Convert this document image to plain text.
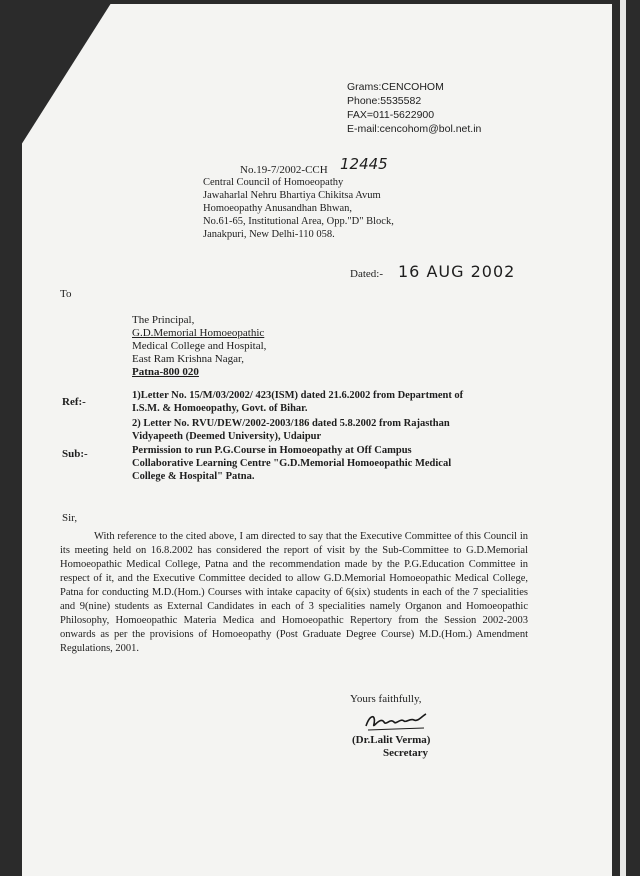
Grams:CENCOHOM
Phone:5535582
FAX=011-5622900
E-mail:cencohom@bol.net.in
No.19-7/2002-CCH 12445
Central Council of Homoeopathy
Jawaharlal Nehru Bhartiya Chikitsa Avum
Homoeopathy Anusandhan Bhwan,
No.61-65, Institutional Area, Opp."D" Block,
Janakpuri, New Delhi-110 058.
Dated:- 16 AUG 2002
To
The Principal,
G.D.Memorial Homoeopathic
Medical College and Hospital,
East Ram Krishna Nagar,
Patna-800 020
Ref:-
1)Letter No. 15/M/03/2002/ 423(ISM) dated 21.6.2002 from Department of
I.S.M. & Homoeopathy, Govt. of Bihar.
2) Letter No. RVU/DEW/2002-2003/186 dated 5.8.2002 from Rajasthan
Vidyapeeth (Deemed University), Udaipur
Sub:-	Permission to run P.G.Course in Homoeopathy at Off Campus
Collaborative Learning Centre "G.D.Memorial Homoeopathic Medical
College & Hospital" Patna.
Sir,
With reference to the cited above, I am directed to say that the Executive Committee of this Council in its meeting held on 16.8.2002 has considered the report of visit by the Sub-Committee to G.D.Memorial Homoeopathic Medical College, Patna and the recommendation made by the P.G.Education Committee in respect of it, and the Executive Committee decided to allow G.D.Memorial Homoeopathic Medical College, Patna for conducting M.D.(Hom.) Courses with intake capacity of 6(six) students in each of the 7 specialities and 9(nine) students as External Candidates in each of 3 specialities namely Organon and Homoeopathic Philosophy, Homoeopathic Materia Medica and Homoeopathic Repertory from the Session 2002-2003 onwards as per the provisions of Homoeopathy (Post Graduate Degree Course) M.D.(Hom.) Amendment Regulations, 2001.
Yours faithfully,
(Dr.Lalit Verma)
Secretary
